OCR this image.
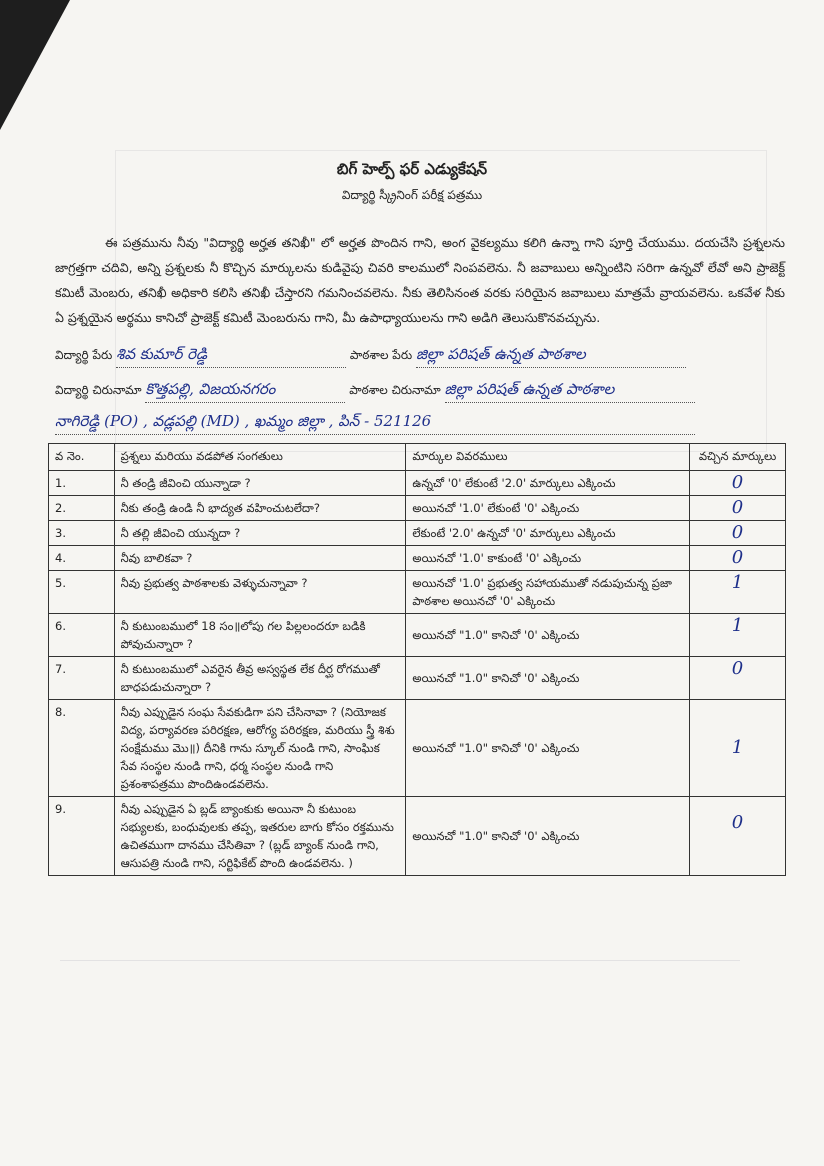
బిగ్ హెల్ప్ ఫర్ ఎడ్యుకేషన్
విద్యార్థి స్క్రీనింగ్ పరీక్ష పత్రము
ఈ పత్రమును నీవు "విద్యార్థి అర్హత తనిఖీ" లో అర్హత పొందిన గాని, అంగ వైకల్యము కలిగి ఉన్నా గాని పూర్తి చేయుము. దయచేసి ప్రశ్నలను జాగ్రత్తగా చదివి, అన్ని ప్రశ్నలకు నీ కొచ్చిన మార్కులను కుడివైపు చివరి కాలములో నింపవలెను. నీ జవాబులు అన్నింటిని సరిగా ఉన్నవో లేవో అని ప్రాజెక్ట్ కమిటీ మెంబరు, తనిఖీ అధికారి కలిసి తనిఖీ చేస్తారని గమనించవలెను. నీకు తెలిసినంత వరకు సరియైన జవాబులు మాత్రమే వ్రాయవలెను. ఒకవేళ నీకు ఏ ప్రశ్నయైన అర్థము కానిచో ప్రాజెక్ట్ కమిటీ మెంబరును గాని, మీ ఉపాధ్యాయులను గాని అడిగి తెలుసుకొనవచ్చును.
విద్యార్థి పేరు శివ కుమార్ రెడ్డి	పాఠశాల పేరు జిల్లా పరిషత్ ఉన్నత పాఠశాల
విద్యార్థి చిరునామా కొత్తపల్లి, విజయనగరం	పాఠశాల చిరునామా జిల్లా పరిషత్ ఉన్నత పాఠశాల
నాగిరెడ్డి (PO) , వడ్లపల్లి (MD) , ఖమ్మం జిల్లా , పిన్ - 521126
వ నెం.	ప్రశ్నలు మరియు వడపోత సంగతులు	మార్కుల వివరములు	వచ్చిన మార్కులు
1.	నీ తండ్రి జీవించి యున్నాడా ?	ఉన్నచో '0' లేకుంటే '2.0' మార్కులు ఎక్కించు	0

2.	నీకు తండ్రి ఉండి నీ భాద్యత వహించుటలేదా?	అయినచో '1.0' లేకుంటే '0' ఎక్కించు	0

3.	నీ తల్లి జీవించి యున్నదా ?	లేకుంటే '2.0' ఉన్నచో '0' మార్కులు ఎక్కించు	0

4.	నీవు బాలికవా ?	అయినచో '1.0' కాకుంటే '0' ఎక్కించు	0

5.	నీవు ప్రభుత్వ పాఠశాలకు వెళ్ళుచున్నావా ?	అయినచో '1.0' ప్రభుత్వ సహాయముతో నడుపుచున్న ప్రజా పాఠశాల అయినచో '0' ఎక్కించు	1

6.	నీ కుటుంబములో 18 సం॥లోపు గల పిల్లలందరూ బడికి పోవుచున్నారా ?	అయినచో "1.0" కానిచో '0' ఎక్కించు	1

7.	నీ కుటుంబములో ఎవరైన తీవ్ర అస్వస్థత లేక దీర్ఘ రోగముతో బాధపడుచున్నారా ?	అయినచో "1.0" కానిచో '0' ఎక్కించు	0

8.	నీవు ఎప్పుడైన సంఘ సేవకుడిగా పని చేసినావా ? (నియోజక విద్య, పర్యావరణ పరిరక్షణ, ఆరోగ్య పరిరక్షణ, మరియు స్త్రీ శిశు సంక్షేమము మొ॥) దీనికి గాను స్కూల్ నుండి గాని, సాంఘిక సేవ సంస్థల నుండి గాని, ధర్మ సంస్థల నుండి గాని ప్రశంశాపత్రము పొందిఉండవలెను.	అయినచో "1.0" కానిచో '0' ఎక్కించు	1

9.	నీవు ఎప్పుడైన ఏ బ్లడ్ బ్యాంకుకు అయినా నీ కుటుంబ సభ్యులకు, బంధువులకు తప్ప, ఇతరుల బాగు కోసం రక్తమును ఉచితముగా దానము చేసితివా ? (బ్లడ్ బ్యాంక్ నుండి గాని, ఆసుపత్రి నుండి గాని, సర్టిఫికేట్ పొంది ఉండవలెను. )	అయినచో "1.0" కానిచో '0' ఎక్కించు	0
